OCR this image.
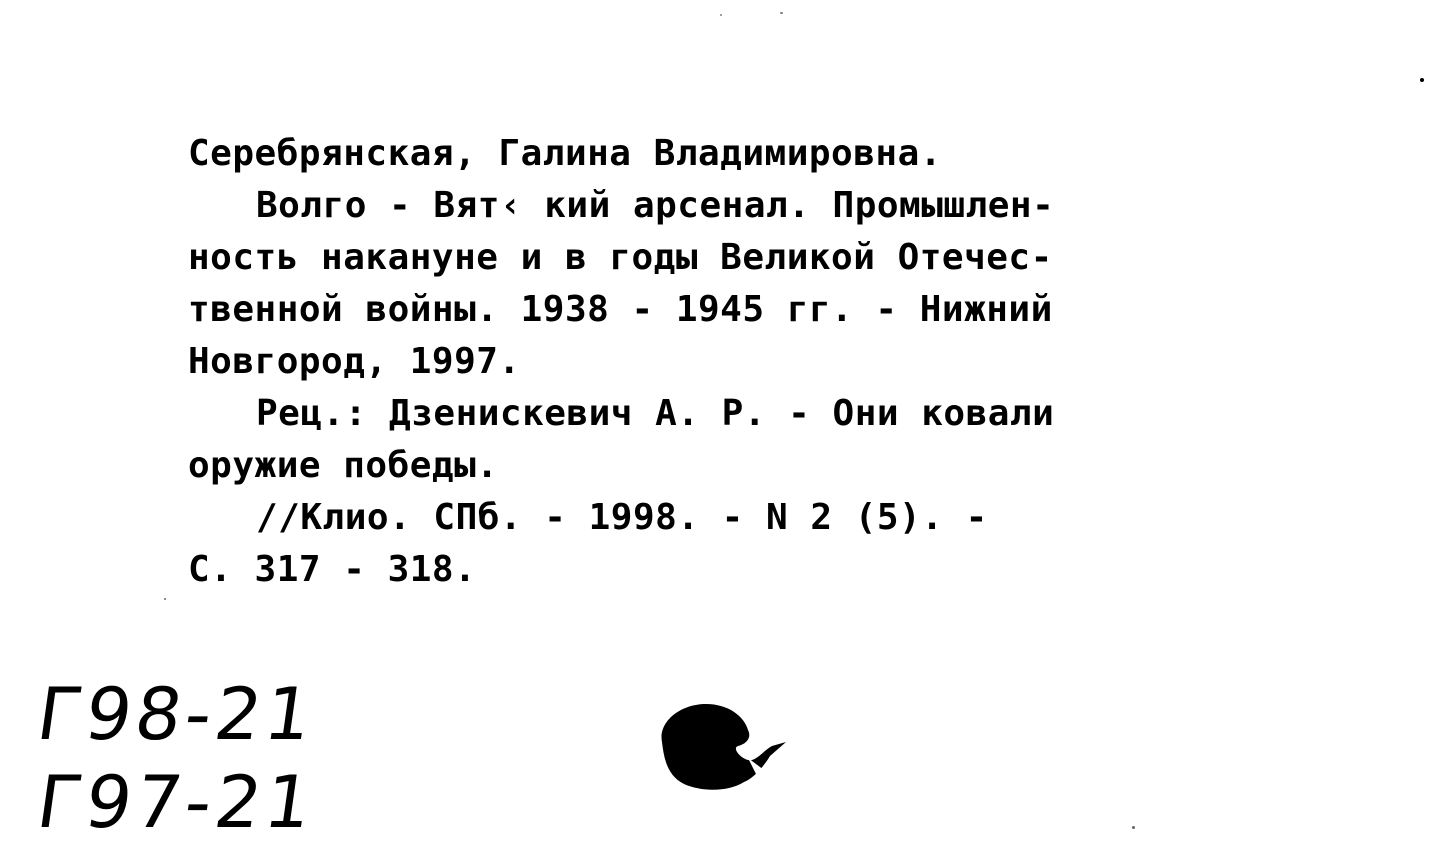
Серебрянская, Галина Владимировна.
Волго - Вят‹ кий арсенал. Промышлен-
ность накануне и в годы Великой Отечес-
твенной войны. 1938 - 1945 гг. - Нижний
Новгород, 1997.
Рец.: Дзенискевич А. Р. - Они ковали
оружие победы.
//Клио. СПб. - 1998. - N 2 (5). -
С. 317 - 318.
Г98-21
Г97-21
